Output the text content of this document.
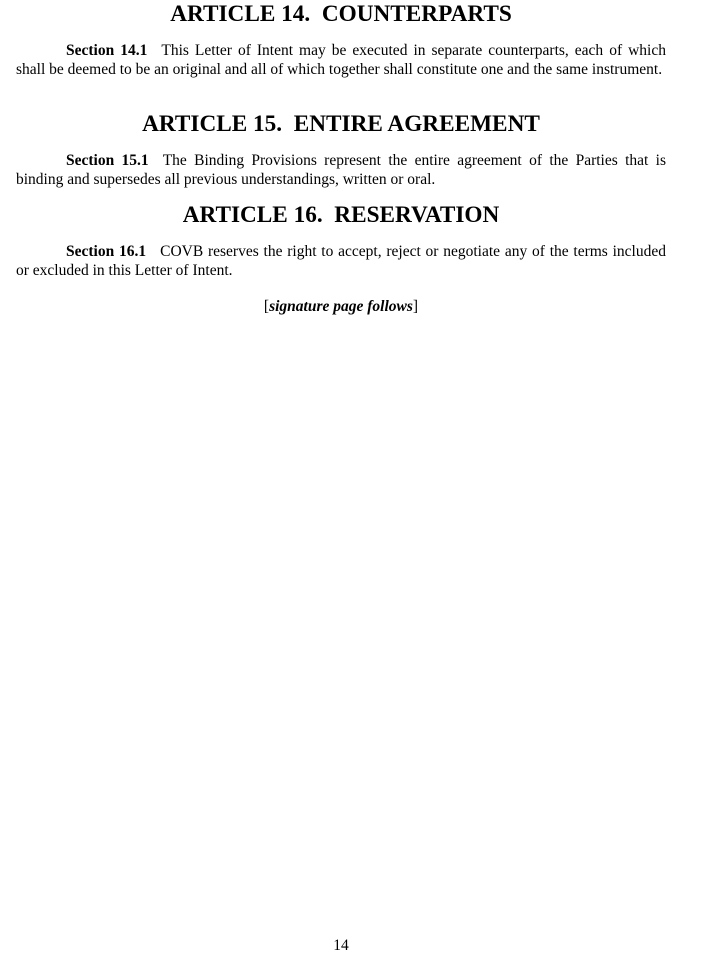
ARTICLE 14.  COUNTERPARTS

Section 14.1 This Letter of Intent may be executed in separate counterparts, each of which shall be deemed to be an original and all of which together shall constitute one and the same instrument.

ARTICLE 15.  ENTIRE AGREEMENT

Section 15.1 The Binding Provisions represent the entire agreement of the Parties that is binding and supersedes all previous understandings, written or oral.

ARTICLE 16.  RESERVATION

Section 16.1 COVB reserves the right to accept, reject or negotiate any of the terms included or excluded in this Letter of Intent.

[signature page follows]

14
